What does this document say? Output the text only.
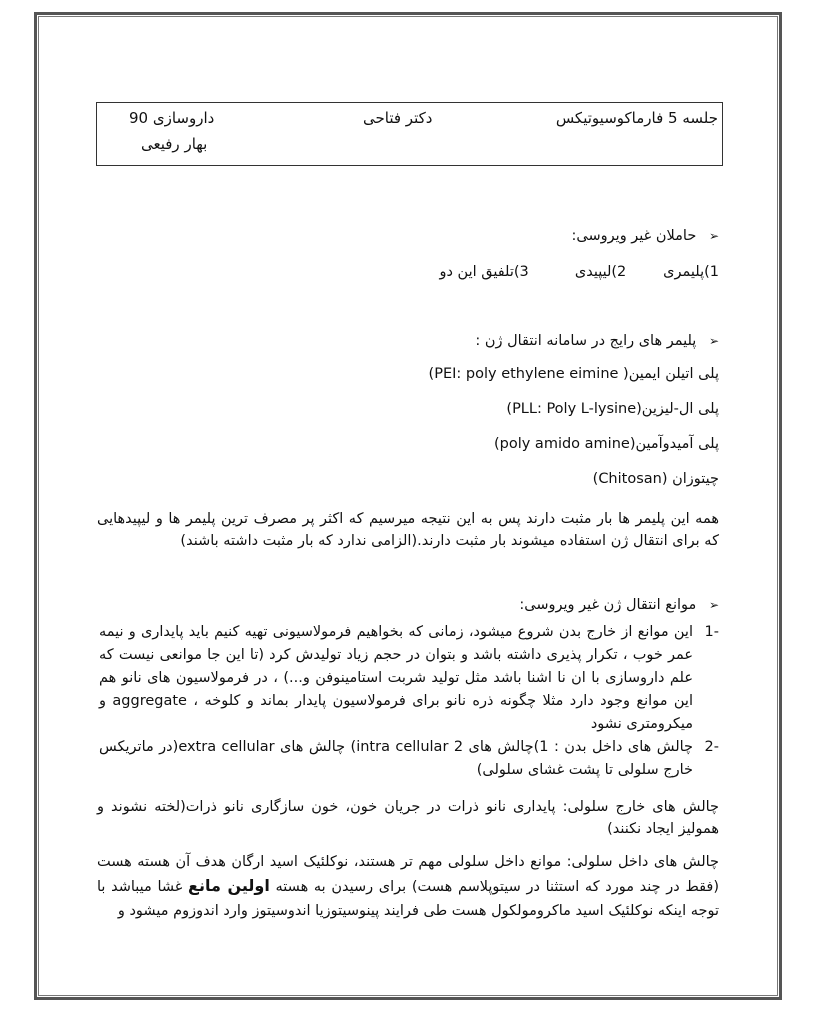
جلسه 5 فارماکوسیوتیکس
دکتر فتاحی
داروسازی 90
بهار رفیعی
➢ حاملان غیر ویروسی:
1)پلیمری        2)لیپیدی          3)تلفیق این دو
➢ پلیمر های رایج در سامانه انتقال ژن :
پلی اتیلن ایمین( PEI: poly ethylene eimine)
پلی ال-لیزین(PLL: Poly L-lysine)
پلی آمیدوآمین(poly amido amine)
چیتوزان (Chitosan)
همه این پلیمر ها بار مثبت دارند پس به این نتیجه میرسیم که اکثر پر مصرف ترین پلیمر ها و لیپیدهایی که برای انتقال ژن استفاده میشوند بار مثبت دارند.(الزامی ندارد که بار مثبت داشته باشند)
➢ موانع انتقال ژن غیر ویروسی:
1-
این موانع از خارج بدن شروع میشود، زمانی که بخواهیم فرمولاسیونی تهیه کنیم باید پایداری و نیمه عمر خوب ، تکرار پذیری داشته باشد و بتوان در حجم زیاد تولیدش کرد (تا این جا موانعی نیست که علم داروسازی با ان نا اشنا باشد مثل تولید شربت استامینوفن و...) ، در فرمولاسیون های نانو هم این موانع وجود دارد مثلا چگونه ذره نانو برای فرمولاسیون پایدار بماند و کلوخه ، aggregate و میکرومتری نشود
2-
چالش های داخل بدن : 1)چالش های intra cellular 2) چالش های extra cellular(در ماتریکس خارج سلولی تا پشت غشای سلولی)
چالش های خارج سلولی: پایداری نانو ذرات در جریان خون، خون سازگاری نانو ذرات(لخته نشوند و همولیز ایجاد نکنند)
چالش های داخل سلولی: موانع داخل سلولی مهم تر هستند، نوکلئیک اسید ارگان هدف آن هسته هست (فقط در چند مورد که استثنا در سیتوپلاسم هست) برای رسیدن به هسته اولین مانع غشا میباشد با توجه اینکه نوکلئیک اسید ماکرومولکول هست طی فرایند پینوسیتوزیا اندوسیتوز وارد اندوزوم میشود و
